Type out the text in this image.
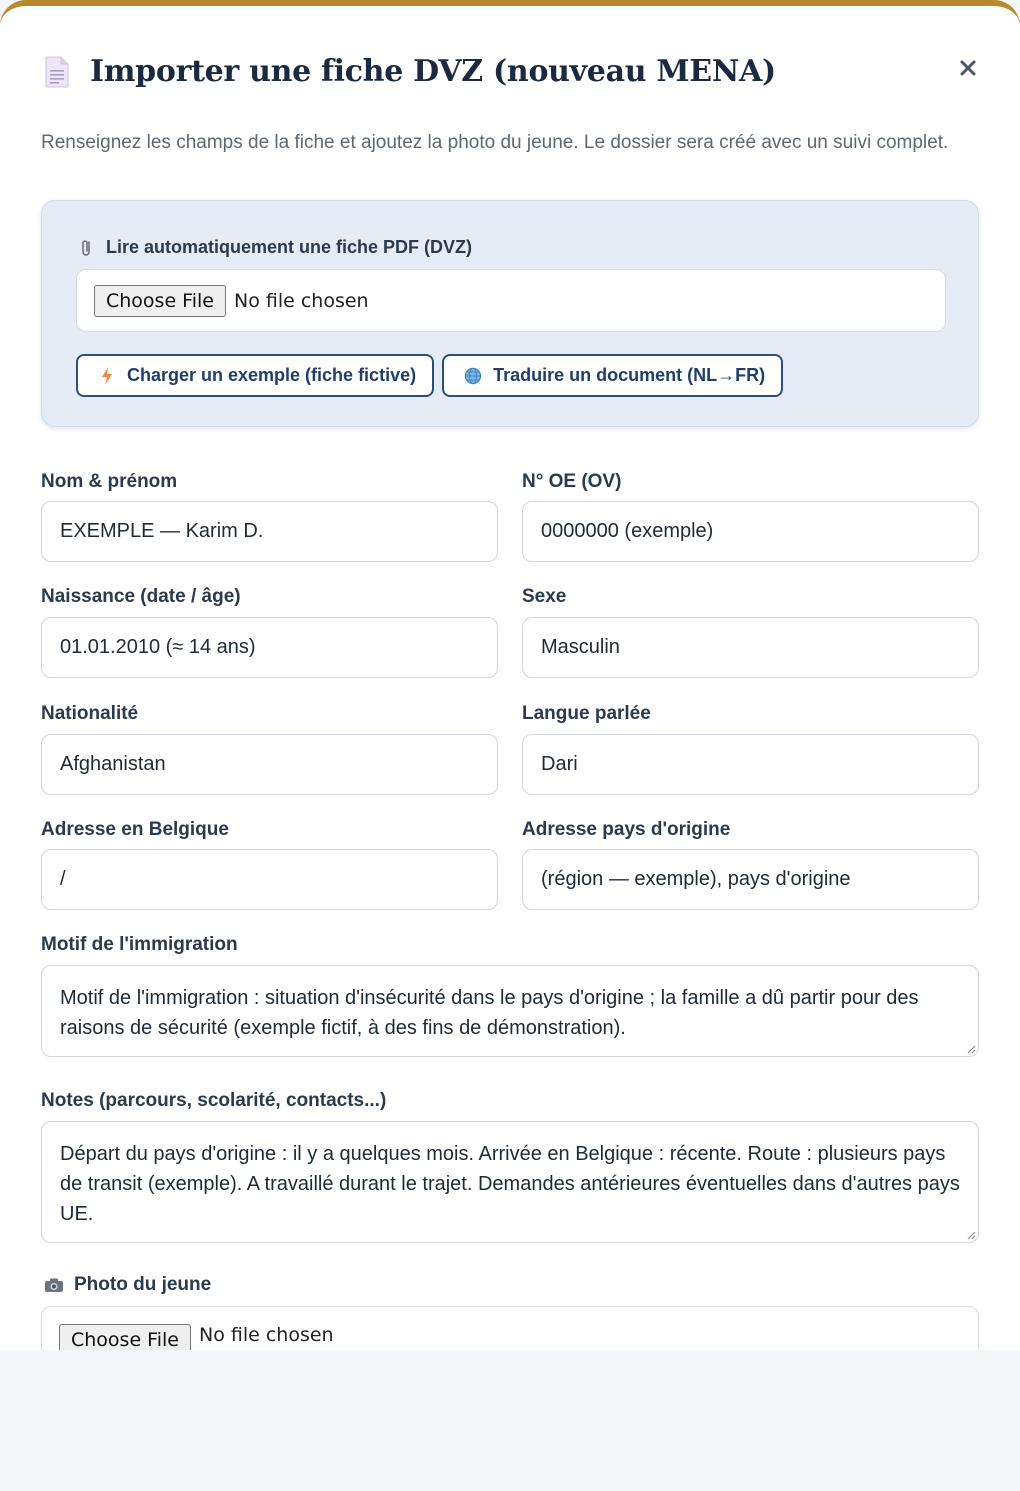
Importer une fiche DVZ (nouveau MENA)

Renseignez les champs de la fiche et ajoutez la photo du jeune. Le dossier sera créé avec un suivi complet.

Lire automatiquement une fiche PDF (DVZ)
Choose File	No file chosen
Charger un exemple (fiche fictive)	Traduire un document (NL→FR)
Nom & prénom
EXEMPLE — Karim D.
N° OE (OV)
0000000 (exemple)
Naissance (date / âge)
01.01.2010 (≈ 14 ans)
Sexe
Masculin
Nationalité
Afghanistan
Langue parlée
Dari
Adresse en Belgique
/
Adresse pays d'origine
(région — exemple), pays d'origine
Motif de l'immigration
Motif de l'immigration : situation d'insécurité dans le pays d'origine ; la famille a dû partir pour des raisons de sécurité (exemple fictif, à des fins de démonstration).
Notes (parcours, scolarité, contacts...)
Départ du pays d'origine : il y a quelques mois. Arrivée en Belgique : récente. Route : plusieurs pays de transit (exemple). A travaillé durant le trajet. Demandes antérieures éventuelles dans d'autres pays UE.
Photo du jeune
Choose File	No file chosen
